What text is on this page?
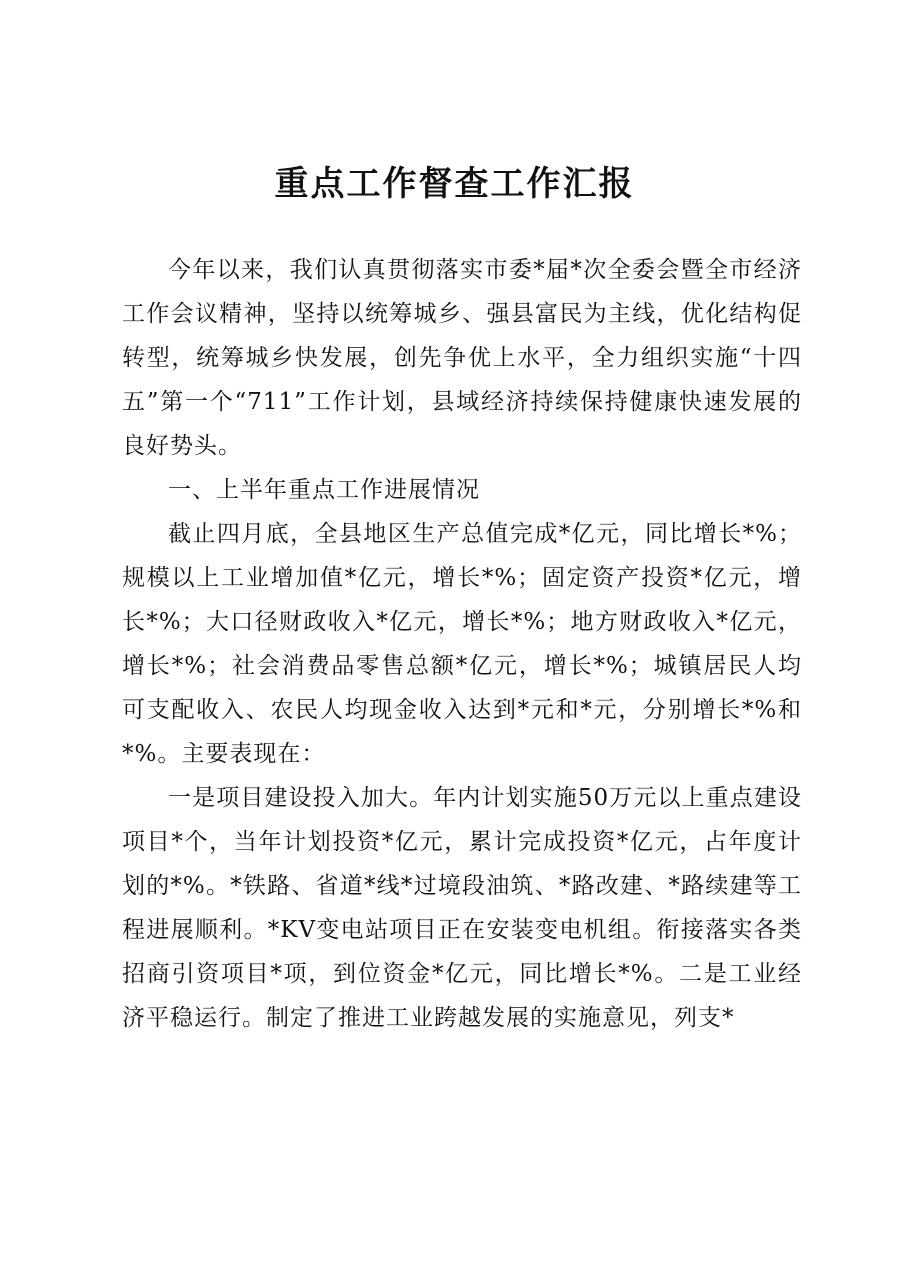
重点工作督查工作汇报

今年以来，我们认真贯彻落实市委*届*次全委会暨全市经济工作会议精神，坚持以统筹城乡、强县富民为主线，优化结构促转型，统筹城乡快发展，创先争优上水平，全力组织实施“十四五”第一个“711”工作计划，县域经济持续保持健康快速发展的良好势头。

一、上半年重点工作进展情况

截止四月底，全县地区生产总值完成*亿元，同比增长*%；规模以上工业增加值*亿元，增长*%；固定资产投资*亿元，增长*%；大口径财政收入*亿元，增长*%；地方财政收入*亿元，增长*%；社会消费品零售总额*亿元，增长*%；城镇居民人均可支配收入、农民人均现金收入达到*元和*元，分别增长*%和*%。主要表现在：

一是项目建设投入加大。年内计划实施50万元以上重点建设项目*个，当年计划投资*亿元，累计完成投资*亿元，占年度计划的*%。*铁路、省道*线*过境段油筑、*路改建、*路续建等工程进展顺利。*KV变电站项目正在安装变电机组。衔接落实各类招商引资项目*项，到位资金*亿元，同比增长*%。二是工业经济平稳运行。制定了推进工业跨越发展的实施意见，列支*
